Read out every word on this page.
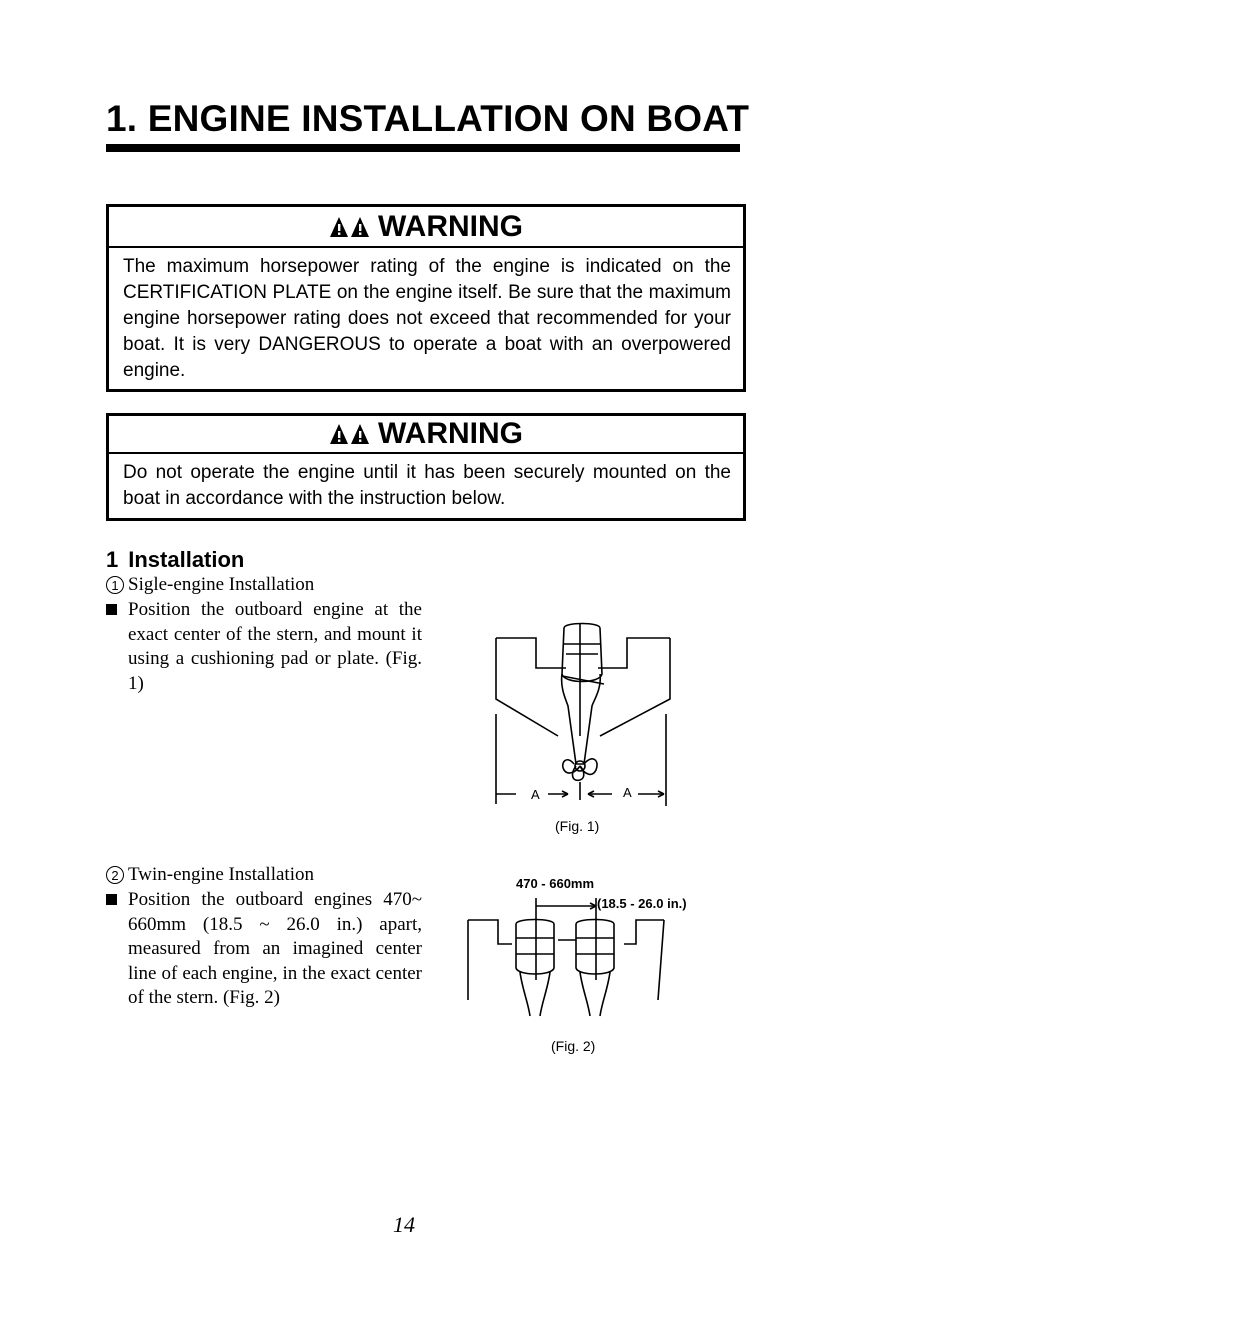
1. ENGINE INSTALLATION ON BOAT
WARNING
The maximum horsepower rating of the engine is indicated on the CERTIFICATION PLATE on the engine itself. Be sure that the maximum engine horsepower rating does not exceed that recommended for your boat. It is very DANGEROUS to operate a boat with an overpowered engine.
WARNING
Do not operate the engine until it has been securely mounted on the boat in accordance with the instruction below.
1 Installation
1 Sigle-engine Installation
Position the outboard engine at the exact center of the stern, and mount it using a cushioning pad or plate. (Fig. 1)
A	A
(Fig. 1)
2 Twin-engine Installation
Position the outboard engines 470~ 660mm (18.5 ~ 26.0 in.) apart, measured from an imagined center line of each engine, in the exact center of the stern. (Fig. 2)
470 - 660mm
(18.5 - 26.0 in.)
(Fig. 2)
14
